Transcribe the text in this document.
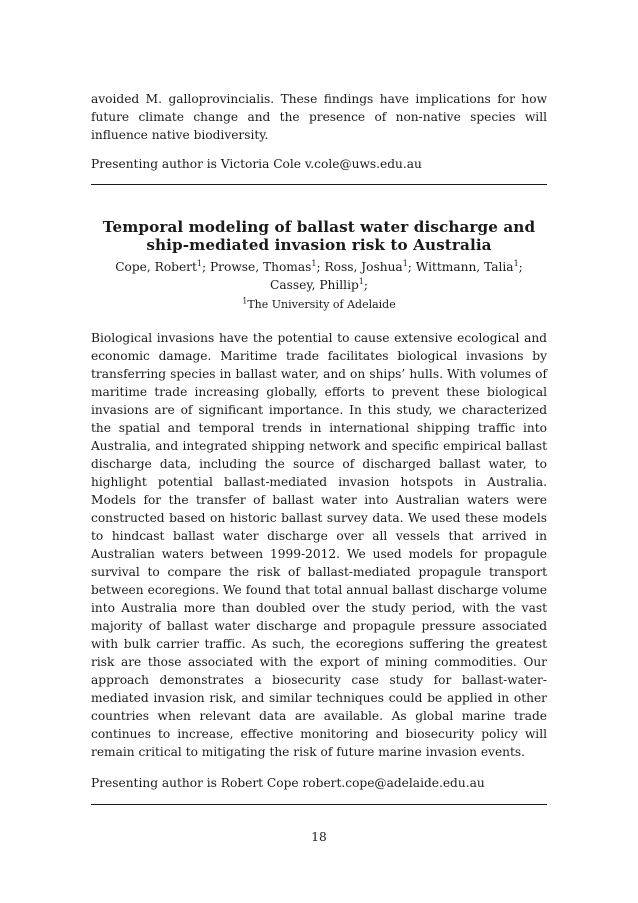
avoided M. galloprovincialis. These findings have implications for how future climate change and the presence of non-native species will influence native biodiversity.

Presenting author is Victoria Cole v.cole@uws.edu.au

Temporal modeling of ballast water discharge and

ship-mediated invasion risk to Australia

Cope, Robert$^1$; Prowse, Thomas$^1$; Ross, Joshua$^1$; Wittmann, Talia$^1$; Cassey, Phillip$^1$;

$^1$The University of Adelaide

Biological invasions have the potential to cause extensive ecological and economic damage. Maritime trade facilitates biological invasions by transferring species in ballast water, and on ships’ hulls. With volumes of maritime trade increasing globally, efforts to prevent these biological invasions are of significant importance. In this study, we characterized the spatial and temporal trends in international shipping traffic into Australia, and integrated shipping network and specific empirical ballast discharge data, including the source of discharged ballast water, to highlight potential ballast-mediated invasion hotspots in Australia. Models for the transfer of ballast water into Australian waters were constructed based on historic ballast survey data. We used these models to hindcast ballast water discharge over all vessels that arrived in Australian waters between 1999-2012. We used models for propagule survival to compare the risk of ballast-mediated propagule transport between ecoregions. We found that total annual ballast discharge volume into Australia more than doubled over the study period, with the vast majority of ballast water discharge and propagule pressure associated with bulk carrier traffic. As such, the ecoregions suffering the greatest risk are those associated with the export of mining commodities. Our approach demonstrates a biosecurity case study for ballast-water-mediated invasion risk, and similar techniques could be applied in other countries when relevant data are available. As global marine trade continues to increase, effective monitoring and biosecurity policy will remain critical to mitigating the risk of future marine invasion events.

Presenting author is Robert Cope robert.cope@adelaide.edu.au

18
